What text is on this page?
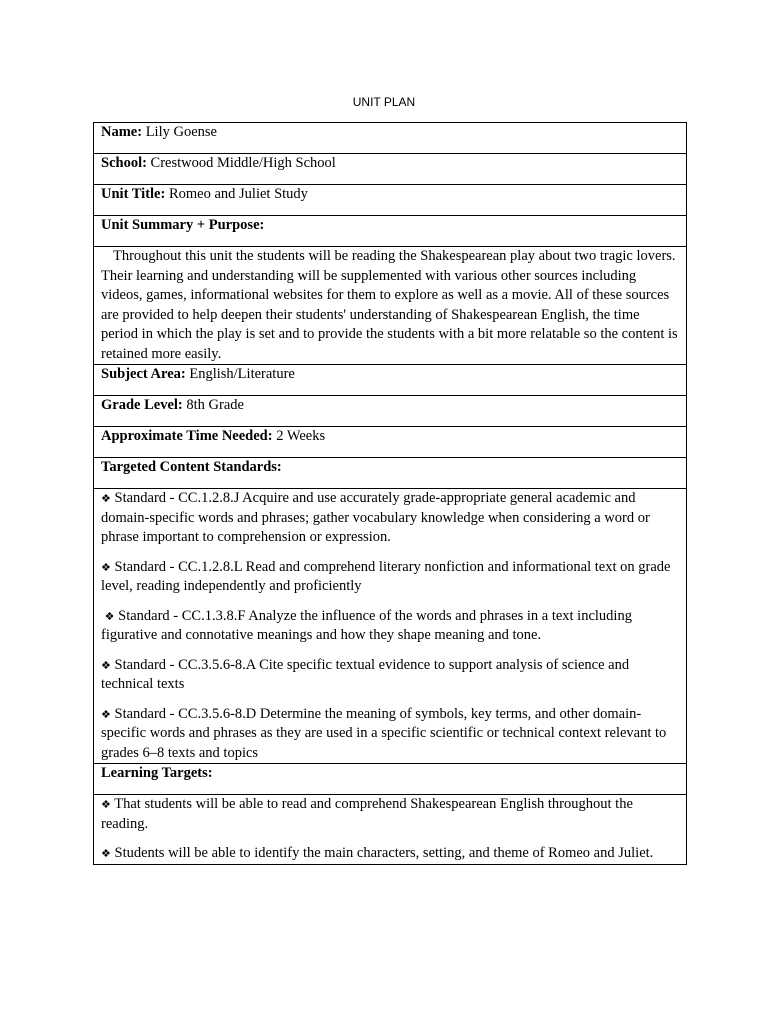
UNIT PLAN
Name: Lily Goense
School: Crestwood Middle/High School
Unit Title: Romeo and Juliet Study
Unit Summary + Purpose:
Throughout this unit the students will be reading the Shakespearean play about two tragic lovers. Their learning and understanding will be supplemented with various other sources including videos, games, informational websites for them to explore as well as a movie. All of these sources are provided to help deepen their students' understanding of Shakespearean English, the time period in which the play is set and to provide the students with a bit more relatable so the content is retained more easily.
Subject Area: English/Literature
Grade Level: 8th Grade
Approximate Time Needed: 2 Weeks
Targeted Content Standards:

❖ Standard - CC.1.2.8.J Acquire and use accurately grade-appropriate general academic and domain-specific words and phrases; gather vocabulary knowledge when considering a word or phrase important to comprehension or expression.
❖ Standard - CC.1.2.8.L Read and comprehend literary nonfiction and informational text on grade level, reading independently and proficiently
❖ Standard - CC.1.3.8.F Analyze the influence of the words and phrases in a text including figurative and connotative meanings and how they shape meaning and tone.
❖ Standard - CC.3.5.6-8.A Cite specific textual evidence to support analysis of science and technical texts
❖ Standard - CC.3.5.6-8.D Determine the meaning of symbols, key terms, and other domain-specific words and phrases as they are used in a specific scientific or technical context relevant to grades 6–8 texts and topics

Learning Targets:

❖ That students will be able to read and comprehend Shakespearean English throughout the reading.
❖ Students will be able to identify the main characters, setting, and theme of Romeo and Juliet.
